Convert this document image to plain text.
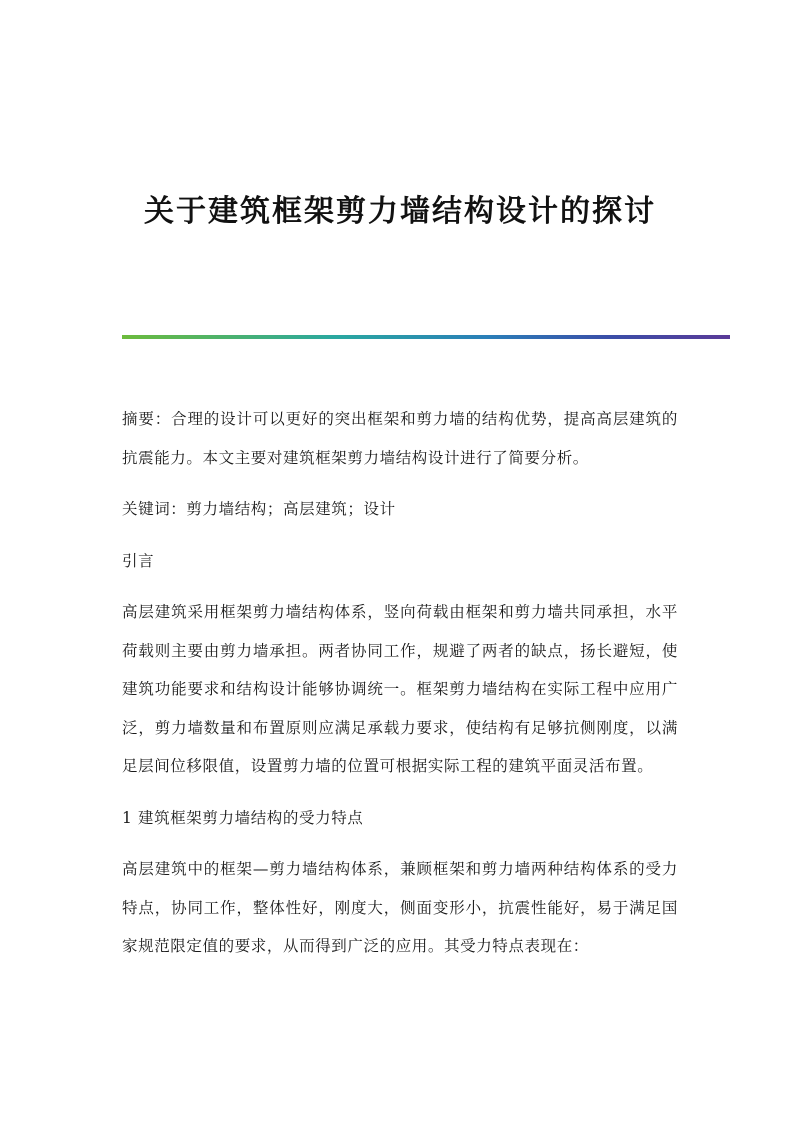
关于建筑框架剪力墙结构设计的探讨

摘要：合理的设计可以更好的突出框架和剪力墙的结构优势，提高高层建筑的抗震能力。本文主要对建筑框架剪力墙结构设计进行了简要分析。

关键词：剪力墙结构；高层建筑；设计

引言

高层建筑采用框架剪力墙结构体系，竖向荷载由框架和剪力墙共同承担，水平荷载则主要由剪力墙承担。两者协同工作，规避了两者的缺点，扬长避短，使建筑功能要求和结构设计能够协调统一。框架剪力墙结构在实际工程中应用广泛，剪力墙数量和布置原则应满足承载力要求，使结构有足够抗侧刚度，以满足层间位移限值，设置剪力墙的位置可根据实际工程的建筑平面灵活布置。

1 建筑框架剪力墙结构的受力特点

高层建筑中的框架—剪力墙结构体系，兼顾框架和剪力墙两种结构体系的受力特点，协同工作，整体性好，刚度大，侧面变形小，抗震性能好，易于满足国家规范限定值的要求，从而得到广泛的应用。其受力特点表现在：
